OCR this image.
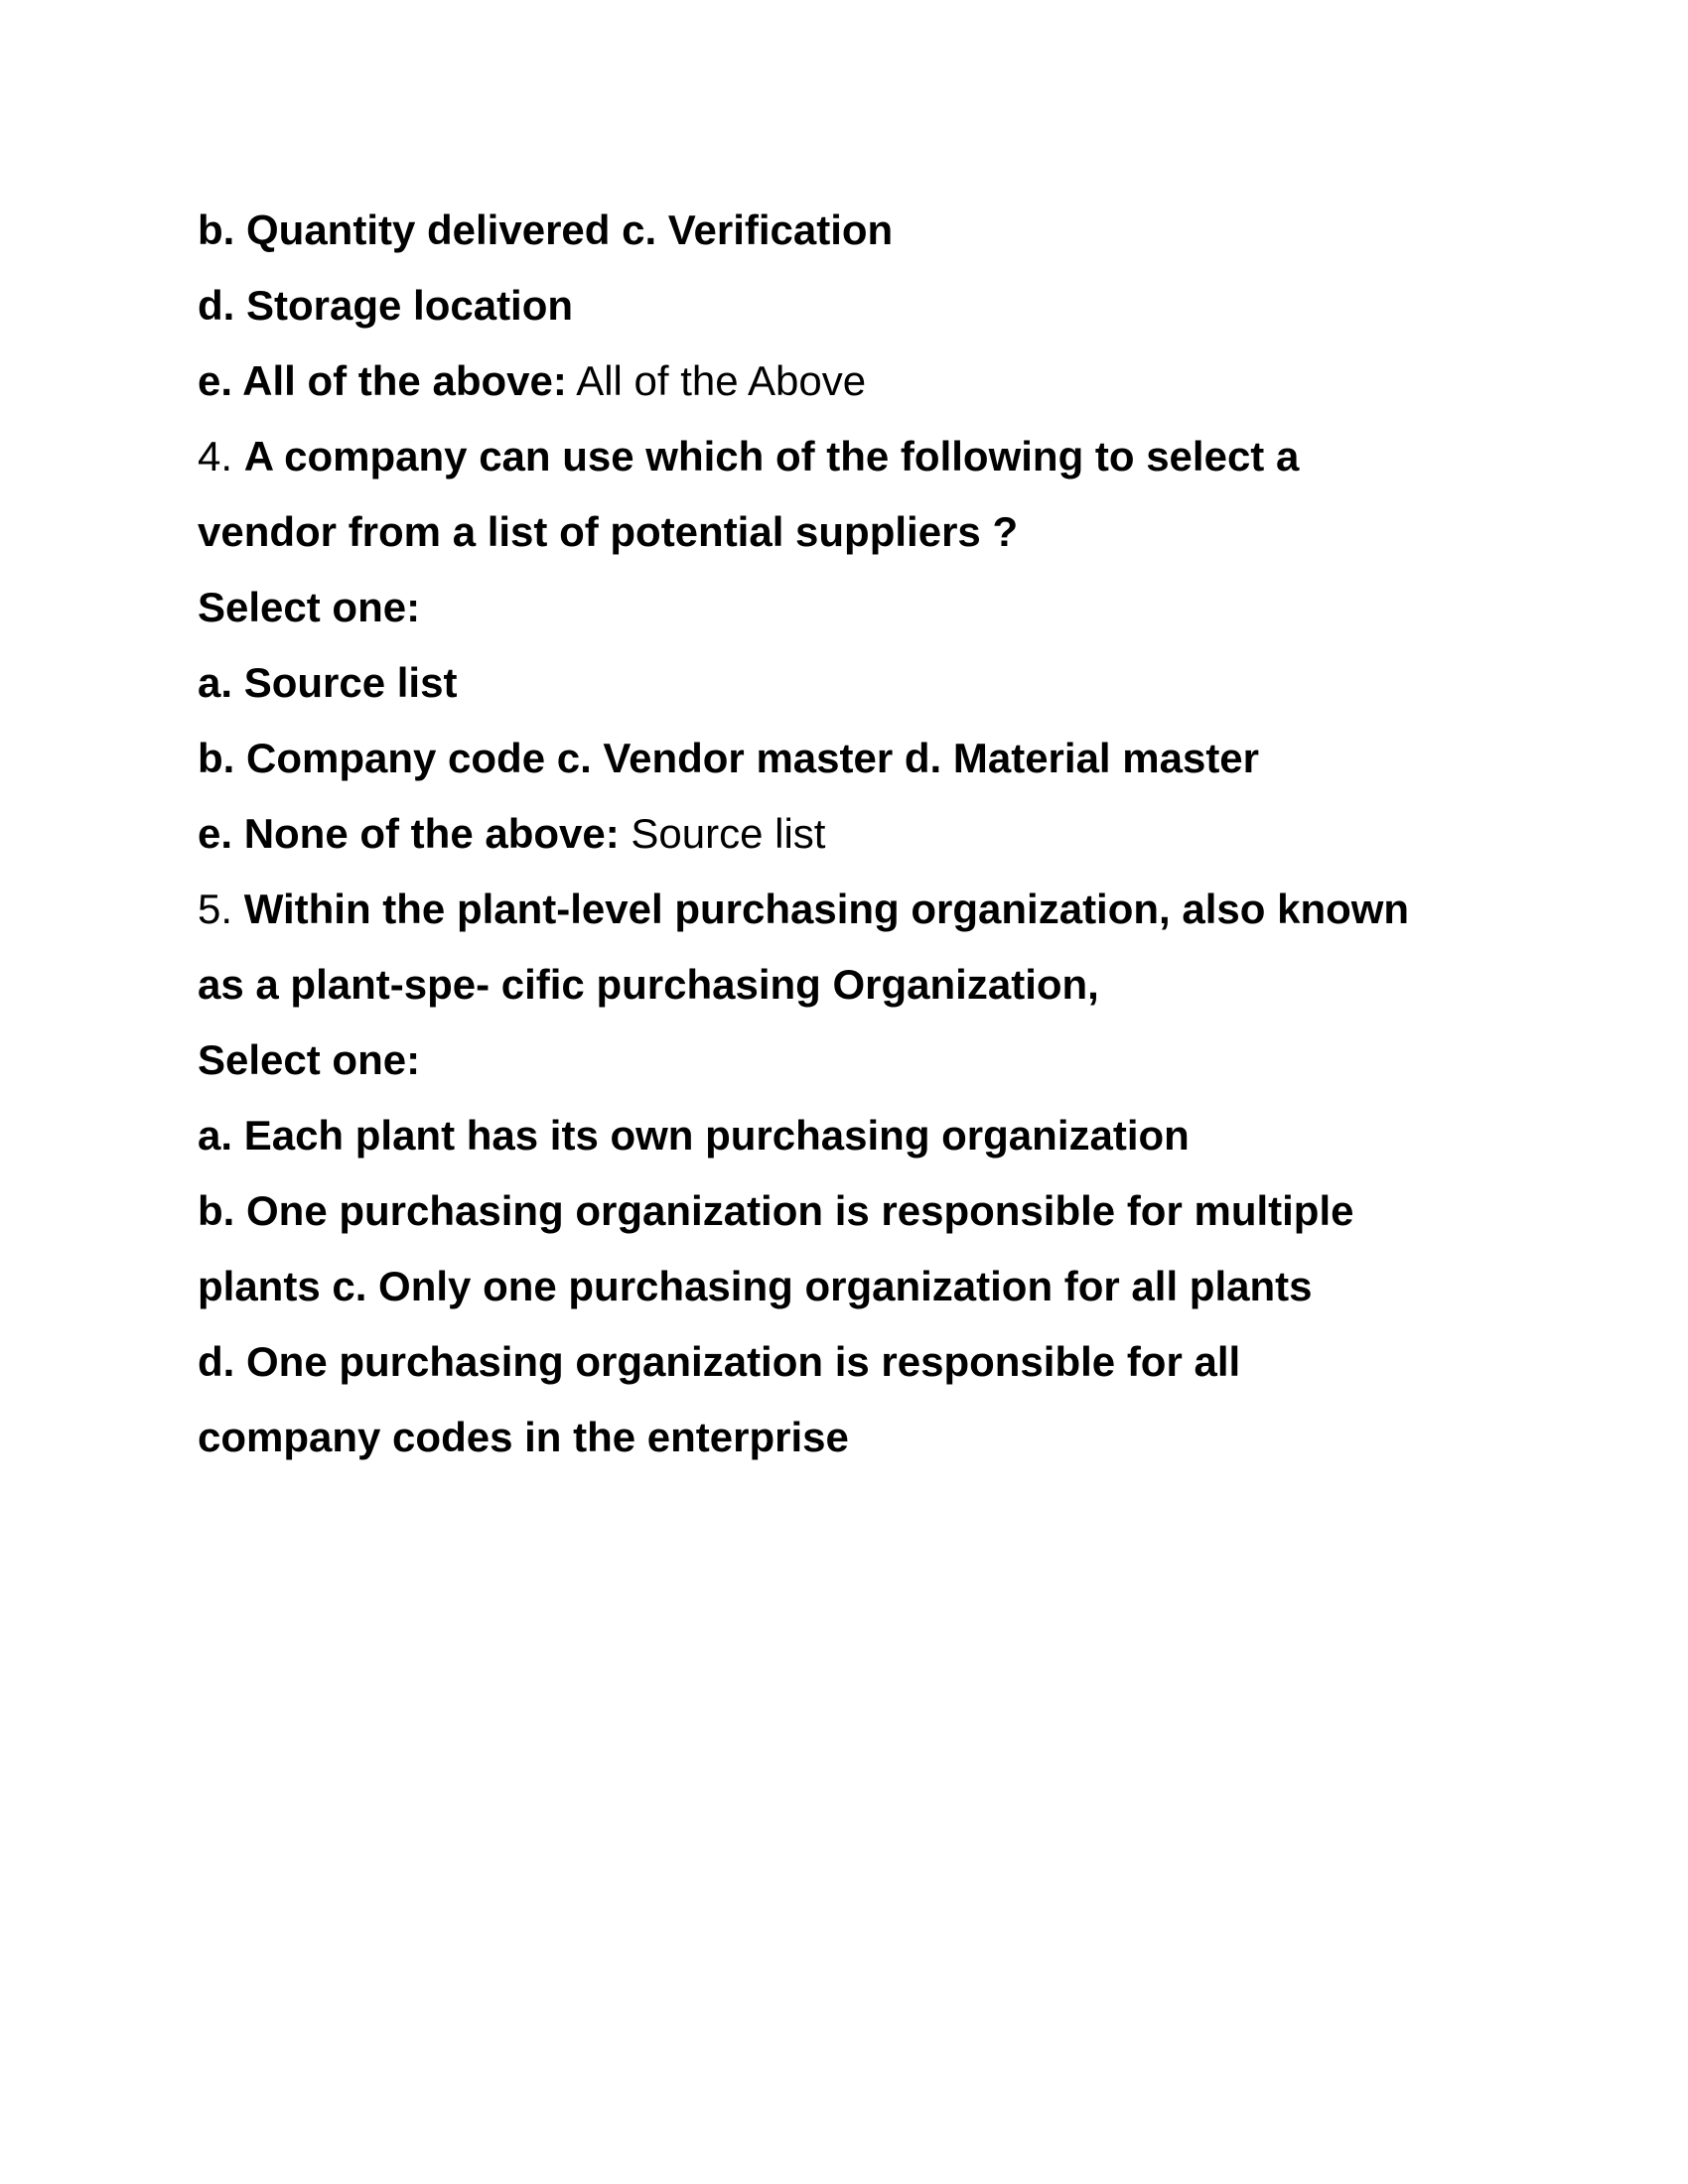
b. Quantity delivered c. Verification
d. Storage location
e. All of the above: All of the Above
4. A company can use which of the following to select a
vendor from a list of potential suppliers ?
Select one:
a. Source list
b. Company code c. Vendor master d. Material master
e. None of the above: Source list
5. Within the plant-level purchasing organization, also known
as a plant-spe- cific purchasing Organization,
Select one:
a. Each plant has its own purchasing organization
b. One purchasing organization is responsible for multiple
plants c. Only one purchasing organization for all plants
d. One purchasing organization is responsible for all
company codes in the enterprise
